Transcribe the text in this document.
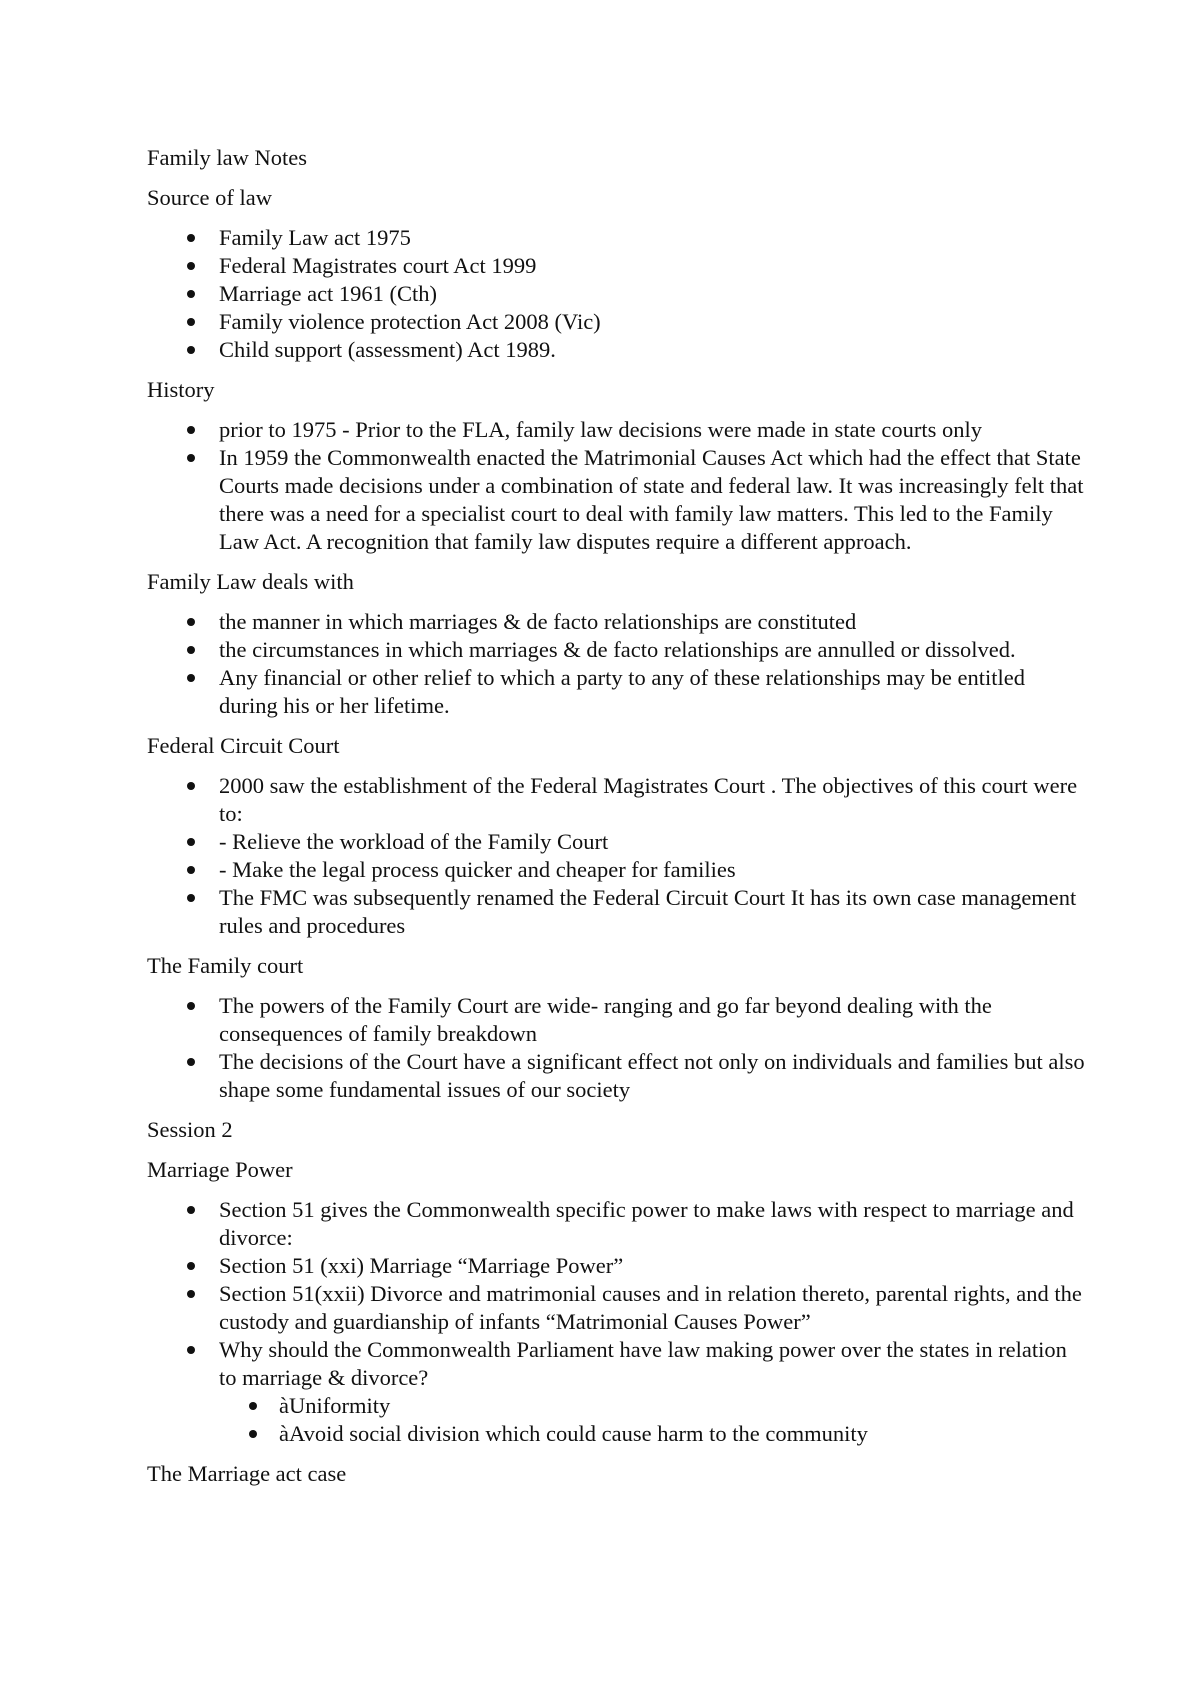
Family law Notes

Source of law

Family Law act 1975
Federal Magistrates court Act 1999
Marriage act 1961 (Cth)
Family violence protection Act 2008 (Vic)
Child support (assessment) Act 1989.

History

prior to 1975 - Prior to the FLA, family law decisions were made in state courts only
In 1959 the Commonwealth enacted the Matrimonial Causes Act which had the effect that State Courts made decisions under a combination of state and federal law. It was increasingly felt that there was a need for a specialist court to deal with family law matters. This led to the Family Law Act. A recognition that family law disputes require a different approach.

Family Law deals with

the manner in which marriages & de facto relationships are constituted
the circumstances in which marriages & de facto relationships are annulled or dissolved.
Any financial or other relief to which a party to any of these relationships may be entitled during his or her lifetime.

Federal Circuit Court

2000 saw the establishment of the Federal Magistrates Court . The objectives of this court were to:
- Relieve the workload of the Family Court
- Make the legal process quicker and cheaper for families
The FMC was subsequently renamed the Federal Circuit Court It has its own case management rules and procedures

The Family court

The powers of the Family Court are wide- ranging and go far beyond dealing with the consequences of family breakdown
The decisions of the Court have a significant effect not only on individuals and families but also shape some fundamental issues of our society

Session 2

Marriage Power

Section 51 gives the Commonwealth specific power to make laws with respect to marriage and divorce:
Section 51 (xxi) Marriage “Marriage Power”
Section 51(xxii) Divorce and matrimonial causes and in relation thereto, parental rights, and the custody and guardianship of infants “Matrimonial Causes Power”
Why should the Commonwealth Parliament have law making power over the states in relation to marriage & divorce?
àUniformity
àAvoid social division which could cause harm to the community

The Marriage act case
